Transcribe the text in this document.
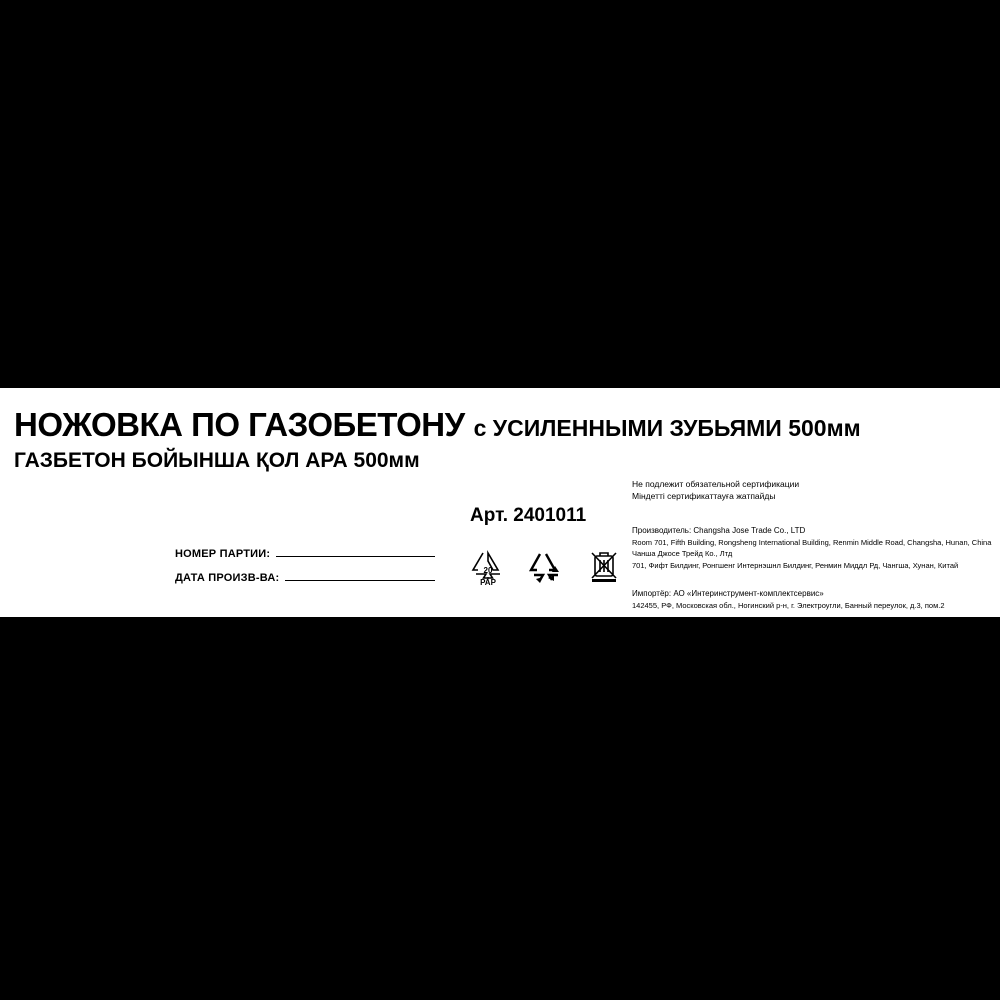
НОЖОВКА ПО ГАЗОБЕТОНУ с УСИЛЕННЫМИ ЗУБЬЯМИ 500мм
ГАЗБЕТОН БОЙЫНША ҚОЛ АРА 500мм
Арт. 2401011
НОМЕР ПАРТИИ:
ДАТА ПРОИЗВ-ВА:
20
PAP
Не подлежит обязательной сертификации
Міндетті сертификаттауға жатпайды
Производитель: Changsha Jose Trade Co., LTD
Room 701, Fifth Building, Rongsheng International Building, Renmin Middle Road, Changsha, Hunan, China
Чанша Джосе Трейд Ко., Лтд
701, Фифт Билдинг, Ронгшенг Интернэшнл Билдинг, Ренмин Миддл Рд, Чангша, Хунан, Китай
Импортёр: АО «Интеринструмент-комплектсервис»
142455, РФ, Московская обл., Ногинский р-н, г. Электроугли, Банный переулок, д.3, пом.2
